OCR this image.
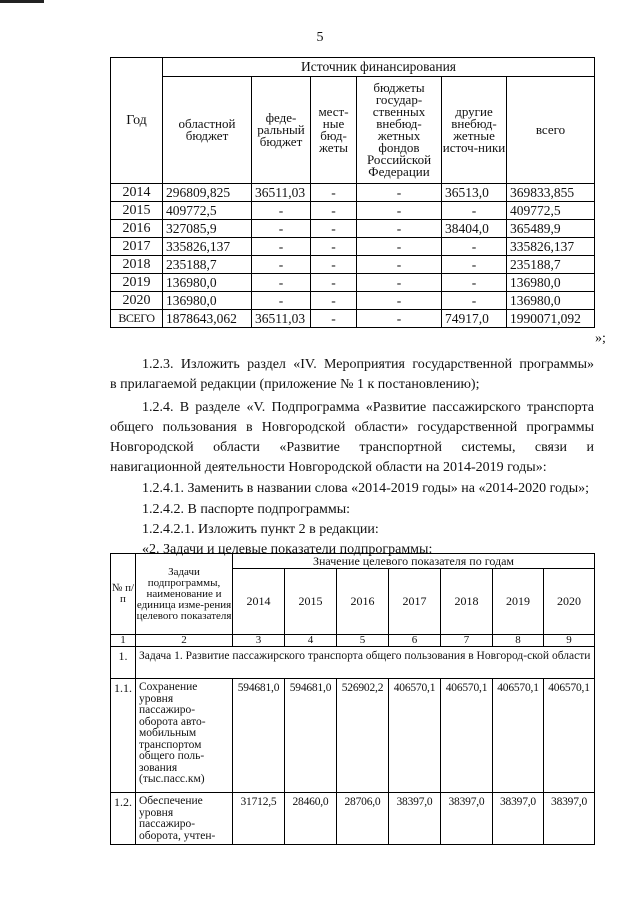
5
Год	Источник финансирования					
	областной бюджет	феде-ральный бюджет	мест-ные бюд-жеты	бюджеты государ-ственных внебюд-жетных фондов Российской Федерации	другие внебюд-жетные источ-ники	всего
2014	296809,825	36511,03	-	-	36513,0	369833,855
2015	409772,5	-	-	-	-	409772,5
2016	327085,9	-	-	-	38404,0	365489,9
2017	335826,137	-	-	-	-	335826,137
2018	235188,7	-	-	-	-	235188,7
2019	136980,0	-	-	-	-	136980,0
2020	136980,0	-	-	-	-	136980,0
ВСЕГО	1878643,062	36511,03	-	-	74917,0	1990071,092
»;
1.2.3. Изложить раздел «IV. Мероприятия государственной программы»
в прилагаемой редакции (приложение № 1 к постановлению);
1.2.4. В разделе «V. Подпрограмма «Развитие пассажирского транспорта
общего пользования в Новгородской области» государственной программы
Новгородской области «Развитие транспортной системы, связи и
навигационной деятельности Новгородской области на 2014-2019 годы»:
1.2.4.1. Заменить в названии слова «2014-2019 годы» на «2014-2020 годы»;
1.2.4.2. В паспорте подпрограммы:
1.2.4.2.1. Изложить пункт 2 в редакции:
«2. Задачи и целевые показатели подпрограммы:
№ п/п	Задачи подпрограммы, наименование и единица изме-рения целевого показателя	Значение целевого показателя по годам						
		2014	2015	2016	2017	2018	2019	2020
1	2	3	4	5	6	7	8	9
1.	Задача 1. Развитие пассажирского транспорта общего пользования в Новгород-ской области							
1.1.	Сохранение уровня пассажиро-оборота авто-мобильным транспортом общего поль-зования (тыс.пасс.км)	594681,0	594681,0	526902,2	406570,1	406570,1	406570,1	406570,1
1.2.	Обеспечение уровня пассажиро-оборота, учтен-	31712,5	28460,0	28706,0	38397,0	38397,0	38397,0	38397,0
